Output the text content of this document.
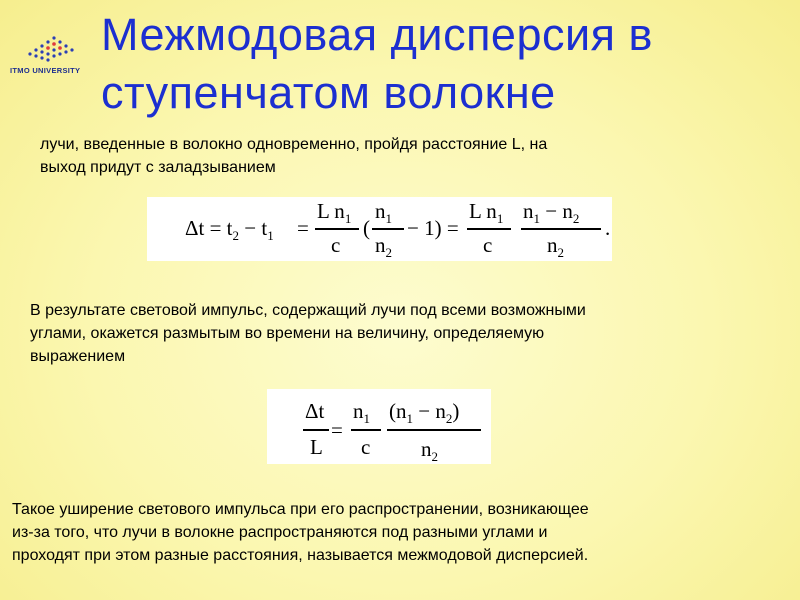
ITMO UNIVERSITY
Межмодовая дисперсия в
ступенчатом волокне
лучи, введенные в волокно одновременно, пройдя расстояние L, на
выход придут с заладзыванием
$\Delta t = t_2 - t_1$ =
L $n_1$
c
(
$n_1$
$n_2$
− 1) =
L $n_1$
c
$n_1 - n_2$
$n_2$
.
В результате световой импульс, содержащий лучи под всеми возможными
углами, окажется размытым во времени на величину, определяемую
выражением
Δt
L
=
$n_1$
c
$(n_1 - n_2)$
$n_2$
Такое уширение светового импульса при его распространении, возникающее
из-за того, что лучи в волокне распространяются под разными углами и
проходят при этом разные расстояния, называется межмодовой дисперсией.
